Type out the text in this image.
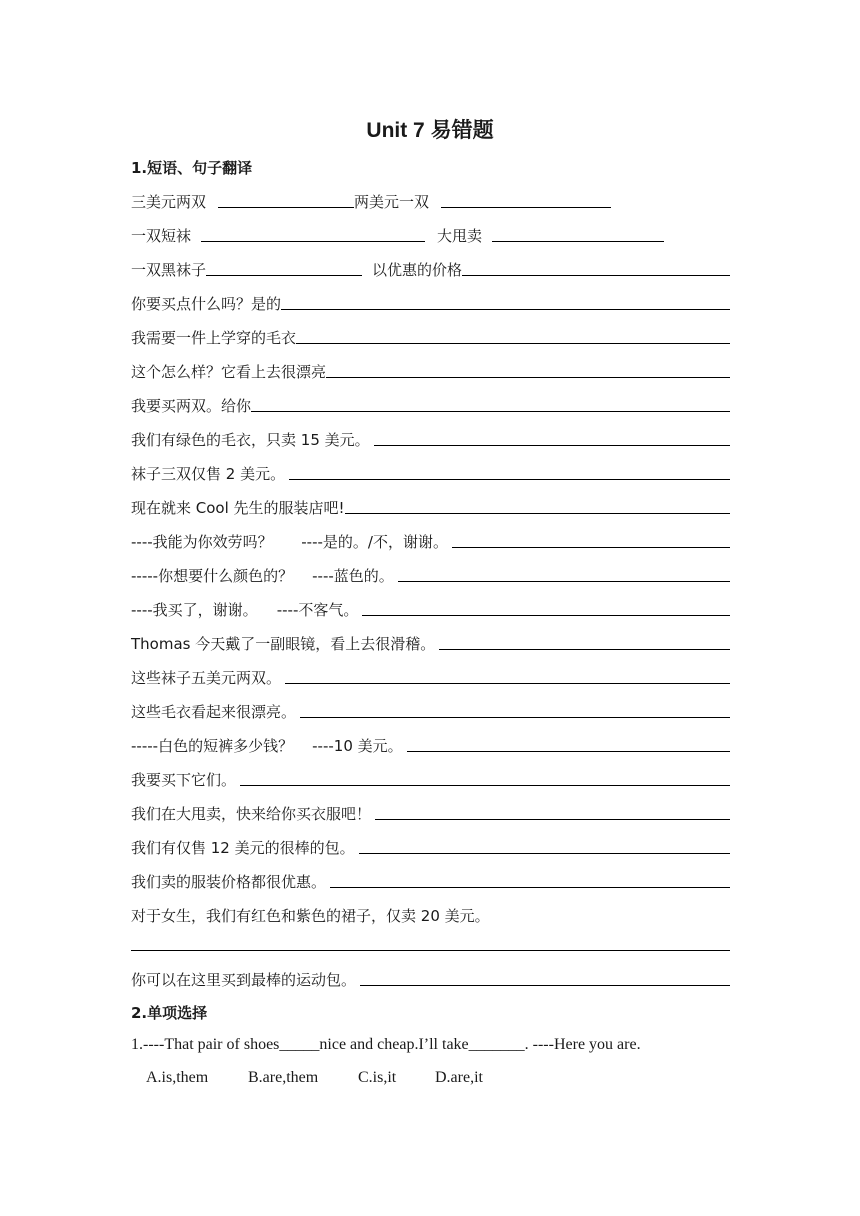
Unit 7 易错题
1.短语、句子翻译
三美元两双	两美元一双
一双短袜	大甩卖
一双黑袜子	以优惠的价格
你要买点什么吗？是的
我需要一件上学穿的毛衣
这个怎么样？它看上去很漂亮
我要买两双。给你
我们有绿色的毛衣，只卖 15 美元。
袜子三双仅售 2 美元。
现在就来 Cool 先生的服装店吧!
----我能为你效劳吗？      ----是的。/不，谢谢。
-----你想要什么颜色的？    ----蓝色的。
----我买了，谢谢。    ----不客气。
Thomas 今天戴了一副眼镜，看上去很滑稽。
这些袜子五美元两双。
这些毛衣看起来很漂亮。
-----白色的短裤多少钱？    ----10 美元。
我要买下它们。
我们在大甩卖，快来给你买衣服吧！
我们有仅售 12 美元的很棒的包。
我们卖的服装价格都很优惠。
对于女生，我们有红色和紫色的裙子，仅卖 20 美元。
你可以在这里买到最棒的运动包。
2.单项选择
1.----That pair of shoes_____nice and cheap.I’ll take_______. ----Here you are.
A.is,them B.are,them C.is,it D.are,it
